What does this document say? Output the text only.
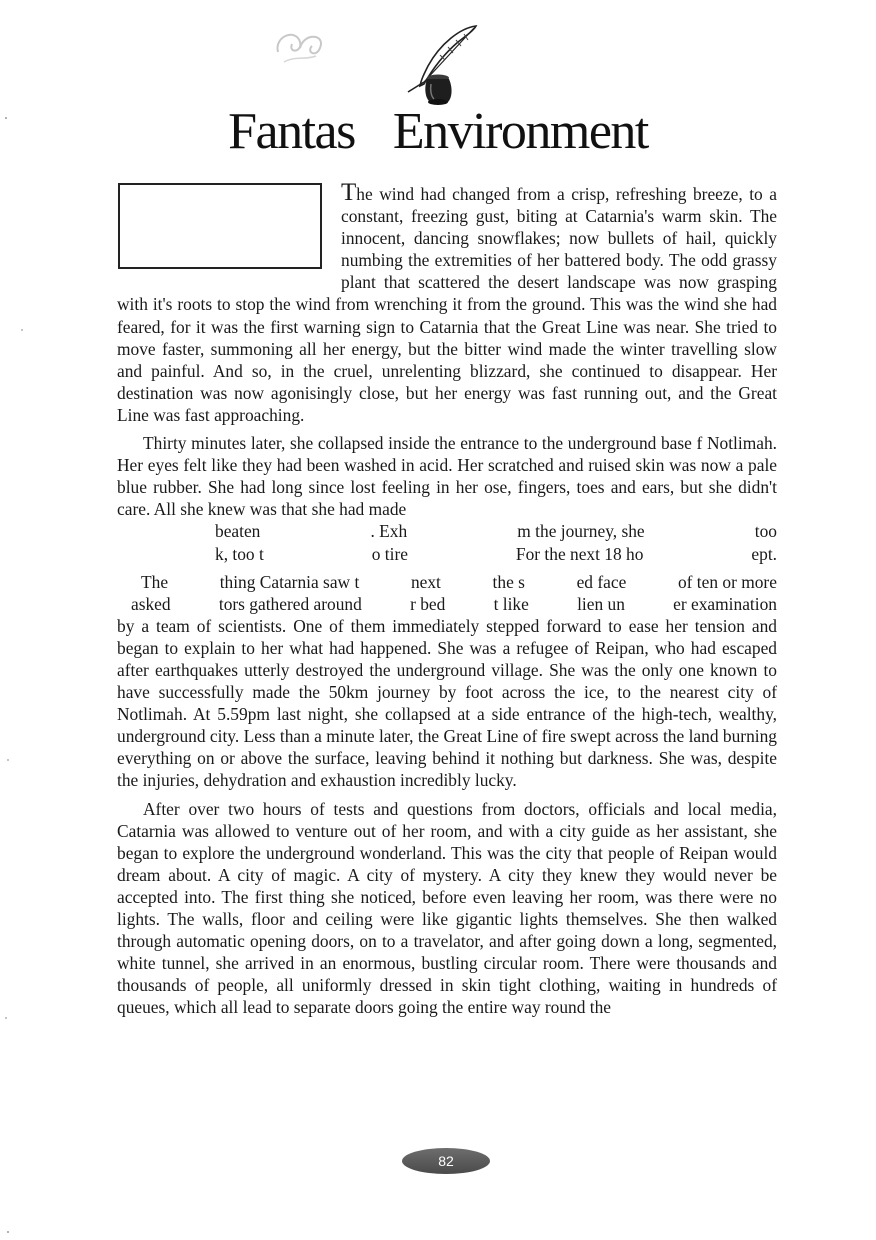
Fantas Environment

The wind had changed from a crisp, refreshing breeze, to a constant, freezing gust, biting at Catarnia's warm skin. The innocent, dancing snowflakes; now bullets of hail, quickly numbing the extremities of her battered body. The odd grassy plant that scattered the desert landscape was now grasping with it's roots to stop the wind from wrenching it from the ground. This was the wind she had feared, for it was the first warning sign to Catarnia that the Great Line was near. She tried to move faster, summoning all her energy, but the bitter wind made the winter travelling slow and painful. And so, in the cruel, unrelenting blizzard, she continued to disappear. Her destination was now agonisingly close, but her energy was fast running out, and the Great Line was fast approaching.

Thirty minutes later, she collapsed inside the entrance to the underground base f Notlimah. Her eyes felt like they had been washed in acid. Her scratched and ruised skin was now a pale blue rubber. She had long since lost feeling in her ose, fingers, toes and ears, but she didn't care. All she knew was that she had made

beaten	. Exh	m the journey, she	too
k, too t	o tire	For the next 18 ho	ept.
The	thing Catarnia saw t	next	the s	ed face	of ten or more
asked	tors gathered around	r bed	t like	lien un	er examination

by a team of scientists. One of them immediately stepped forward to ease her tension and began to explain to her what had happened. She was a refugee of Reipan, who had escaped after earthquakes utterly destroyed the underground village. She was the only one known to have successfully made the 50km journey by foot across the ice, to the nearest city of Notlimah. At 5.59pm last night, she collapsed at a side entrance of the high-tech, wealthy, underground city. Less than a minute later, the Great Line of fire swept across the land burning everything on or above the surface, leaving behind it nothing but darkness. She was, despite the injuries, dehydration and exhaustion incredibly lucky.

After over two hours of tests and questions from doctors, officials and local media, Catarnia was allowed to venture out of her room, and with a city guide as her assistant, she began to explore the underground wonderland. This was the city that people of Reipan would dream about. A city of magic. A city of mystery. A city they knew they would never be accepted into. The first thing she noticed, before even leaving her room, was there were no lights. The walls, floor and ceiling were like gigantic lights themselves. She then walked through automatic opening doors, on to a travelator, and after going down a long, segmented, white tunnel, she arrived in an enormous, bustling circular room. There were thousands and thousands of people, all uniformly dressed in skin tight clothing, waiting in hundreds of queues, which all lead to separate doors going the entire way round the

82
